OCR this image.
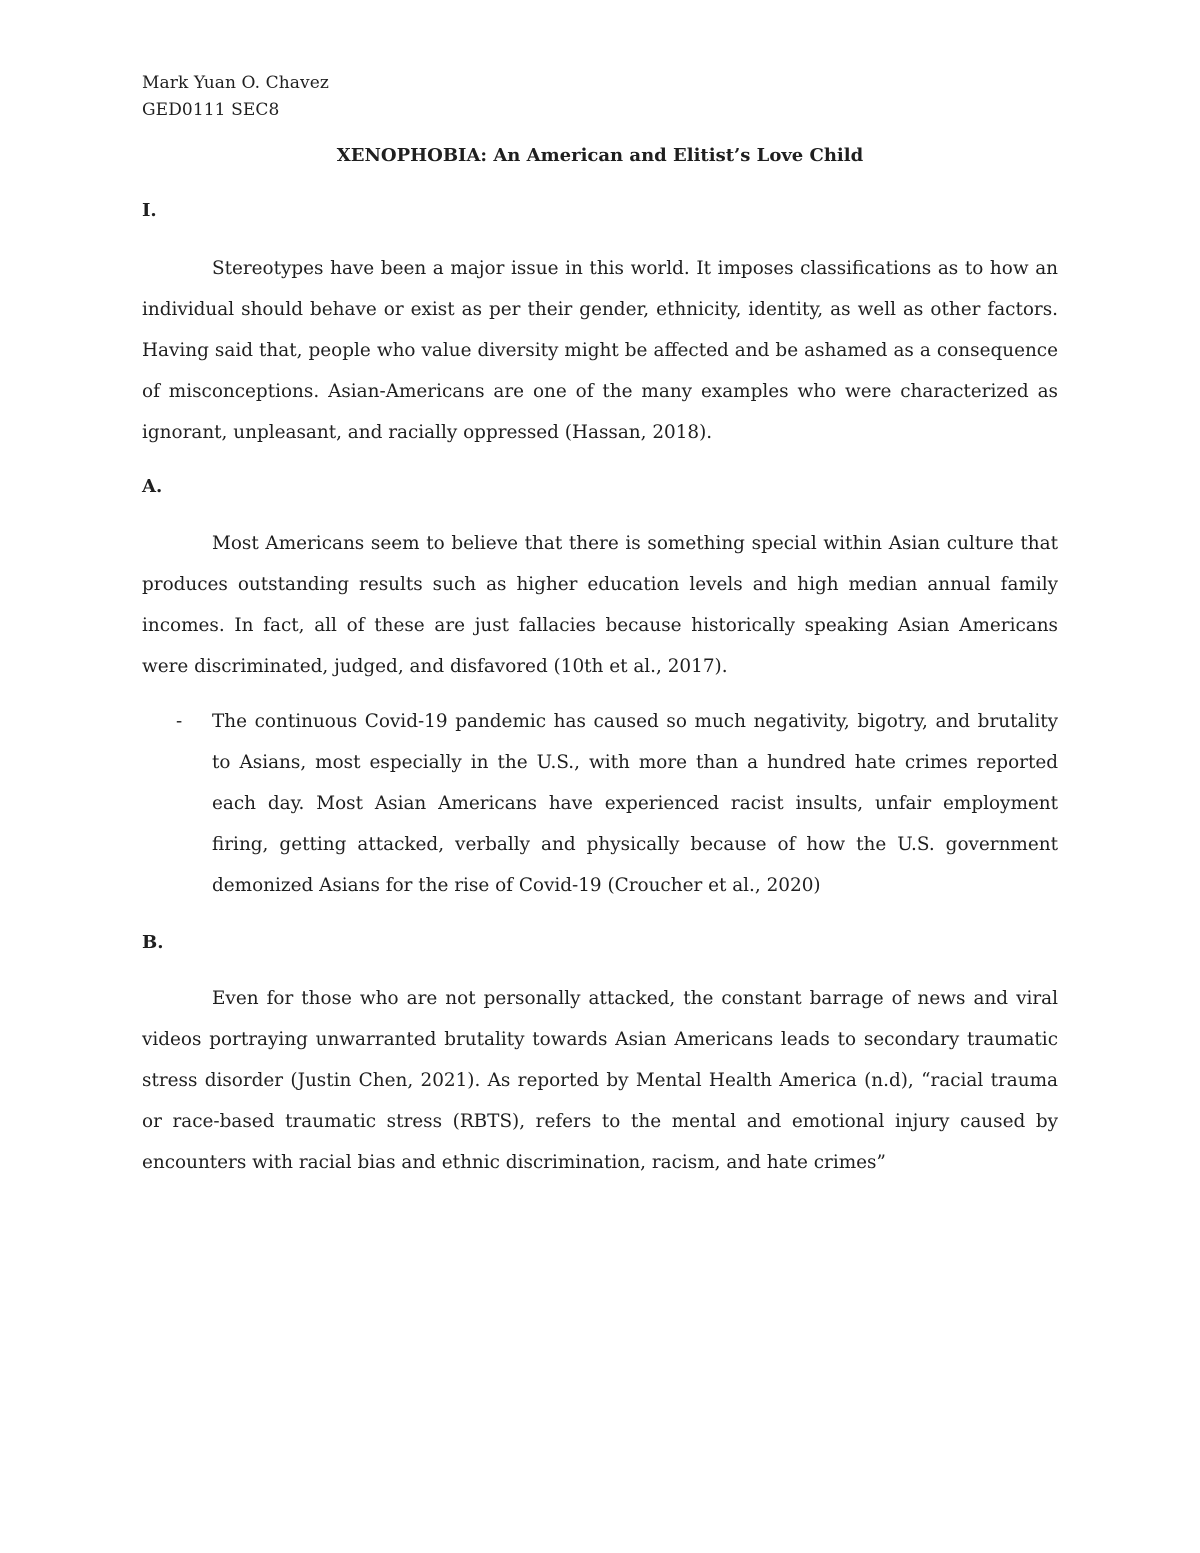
Mark Yuan O. Chavez
GED0111 SEC8
XENOPHOBIA: An American and Elitist’s Love Child
I.

Stereotypes have been a major issue in this world. It imposes classifications as to how an individual should behave or exist as per their gender, ethnicity, identity, as well as other factors. Having said that, people who value diversity might be affected and be ashamed as a consequence of misconceptions. Asian-Americans are one of the many examples who were characterized as ignorant, unpleasant, and racially oppressed (Hassan, 2018).

A.

Most Americans seem to believe that there is something special within Asian culture that produces outstanding results such as higher education levels and high median annual family incomes. In fact, all of these are just fallacies because historically speaking Asian Americans were discriminated, judged, and disfavored (10th et al., 2017).

- The continuous Covid-19 pandemic has caused so much negativity, bigotry, and brutality to Asians, most especially in the U.S., with more than a hundred hate crimes reported each day. Most Asian Americans have experienced racist insults, unfair employment firing, getting attacked, verbally and physically because of how the U.S. government demonized Asians for the rise of Covid-19 (Croucher et al., 2020)
B.

Even for those who are not personally attacked, the constant barrage of news and viral videos portraying unwarranted brutality towards Asian Americans leads to secondary traumatic stress disorder (Justin Chen, 2021). As reported by Mental Health America (n.d), “racial trauma or race-based traumatic stress (RBTS), refers to the mental and emotional injury caused by encounters with racial bias and ethnic discrimination, racism, and hate crimes”
